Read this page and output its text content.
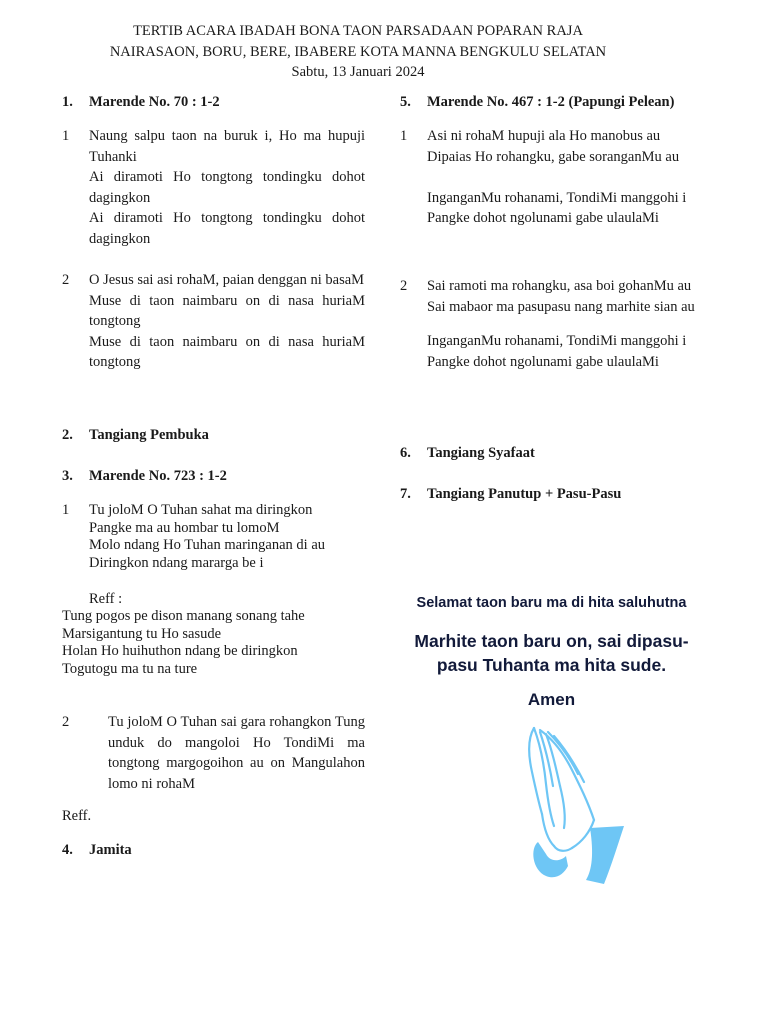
TERTIB ACARA IBADAH BONA TAON PARSADAAN POPARAN RAJA
NAIRASAON, BORU, BERE, IBABERE KOTA MANNA BENGKULU SELATAN
Sabtu, 13 Januari 2024
1. Marende No. 70 : 1-2
1 Naung salpu taon na buruk i, Ho ma hupuji Tuhanki
Ai diramoti Ho tongtong tondingku dohot dagingkon
Ai diramoti Ho tongtong tondingku dohot dagingkon
2 O Jesus sai asi rohaM, paian denggan ni basaM
Muse di taon naimbaru on di nasa huriaM tongtong
Muse di taon naimbaru on di nasa huriaM tongtong
2. Tangiang Pembuka
3. Marende No. 723 : 1-2
1 Tu joloM O Tuhan sahat ma diringkon
Pangke ma au hombar tu lomoM
Molo ndang Ho Tuhan maringanan di au
Diringkon ndang mararga be i
Reff :
Tung pogos pe dison manang sonang tahe
Marsigantung tu Ho sasude
Holan Ho huihuthon ndang be diringkon
Togutogu ma tu na ture
2	Tu joloM O Tuhan sai gara rohangkon Tung unduk do mangoloi Ho TondiMi ma tongtong margogoihon au on Mangulahon lomo ni rohaM
Reff.
4. Jamita
5. Marende No. 467 : 1-2 (Papungi Pelean)
1 Asi ni rohaM hupuji ala Ho manobus au
Dipaias Ho rohangku, gabe soranganMu au
InganganMu rohanami, TondiMi manggohi i
Pangke dohot ngolunami gabe ulaulaMi
2 Sai ramoti ma rohangku, asa boi gohanMu au
Sai mabaor ma pasupasu nang marhite sian au
InganganMu rohanami, TondiMi manggohi i
Pangke dohot ngolunami gabe ulaulaMi
6. Tangiang Syafaat
7. Tangiang Panutup + Pasu-Pasu
Selamat taon baru ma di hita saluhutna
Marhite taon baru on, sai dipasu-
pasu Tuhanta ma hita sude.
Amen
